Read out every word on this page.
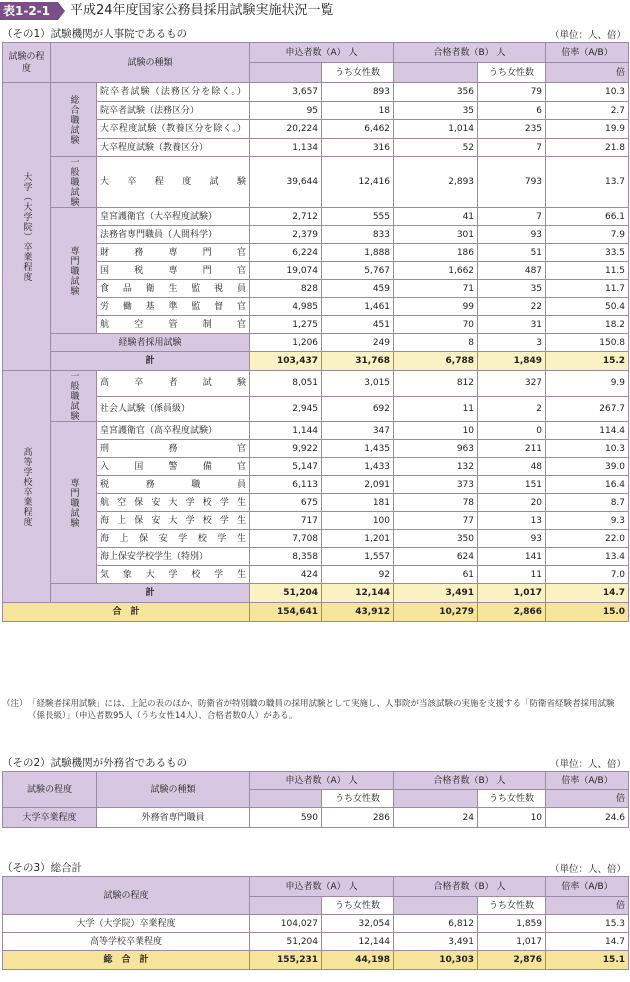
表1-2-1	平成24年度国家公務員採用試験実施状況一覧
（その1）試験機関が人事院であるもの	（単位：人、倍）
試験の程度	試験の種類		申込者数（A） 人		合格者数（B） 人		倍率（A/B）
				うち女性数		うち女性数	倍

大学（大学院）卒業程度	総合職試験	院卒者試験（法務区分を除く。）	3,657	893	356	79	10.3
		院卒者試験（法務区分）	95	18	35	6	2.7
		大卒程度試験（教養区分を除く。）	20,224	6,462	1,014	235	19.9
		大卒程度試験（教養区分）	1,134	316	52	7	21.8

	一般職試験	大卒程度試験	39,644	12,416	2,893	793	13.7

	専門職試験	皇宮護衛官（大卒程度試験）	2,712	555	41	7	66.1
		法務省専門職員（人間科学）	2,379	833	301	93	7.9
		財務専門官	6,224	1,888	186	51	33.5
		国税専門官	19,074	5,767	1,662	487	11.5
		食品衛生監視員	828	459	71	35	11.7
		労働基準監督官	4,985	1,461	99	22	50.4
		航空管制官	1,275	451	70	31	18.2
	経験者採用試験		1,206	249	8	3	150.8
	計		103,437	31,768	6,788	1,849	15.2

高等学校卒業程度	一般職試験	高卒者試験	8,051	3,015	812	327	9.9
		社会人試験（係員級）	2,945	692	11	2	267.7

	専門職試験	皇宮護衛官（高卒程度試験）	1,144	347	10	0	114.4
		刑務官	9,922	1,435	963	211	10.3
		入国警備官	5,147	1,433	132	48	39.0
		税務職員	6,113	2,091	373	151	16.4
		航空保安大学校学生	675	181	78	20	8.7
		海上保安大学校学生	717	100	77	13	9.3
		海上保安学校学生	7,708	1,201	350	93	22.0
		海上保安学校学生（特別）	8,358	1,557	624	141	13.4
		気象大学校学生	424	92	61	11	7.0
	計		51,204	12,144	3,491	1,017	14.7
合　計			154,641	43,912	10,279	2,866	15.0
（注） 「経験者採用試験」には、上記の表のほか、防衛省が特別職の職員の採用試験として実施し、人事院が当該試験の実施を支援する「防衛省経験者採用試験（係長級）」（申込者数95人（うち女性14人）、合格者数0人）がある。
（その2）試験機関が外務省であるもの	（単位：人、倍）
試験の程度	試験の種類	申込者数（A） 人		合格者数（B） 人		倍率（A/B）
			うち女性数		うち女性数	倍
大学卒業程度	外務省専門職員	590	286	24	10	24.6
（その3）総合計	（単位：人、倍）
試験の程度	申込者数（A） 人		合格者数（B） 人		倍率（A/B）
		うち女性数		うち女性数	倍
大学（大学院）卒業程度	104,027	32,054	6,812	1,859	15.3
高等学校卒業程度	51,204	12,144	3,491	1,017	14.7
総　合　計	155,231	44,198	10,303	2,876	15.1
